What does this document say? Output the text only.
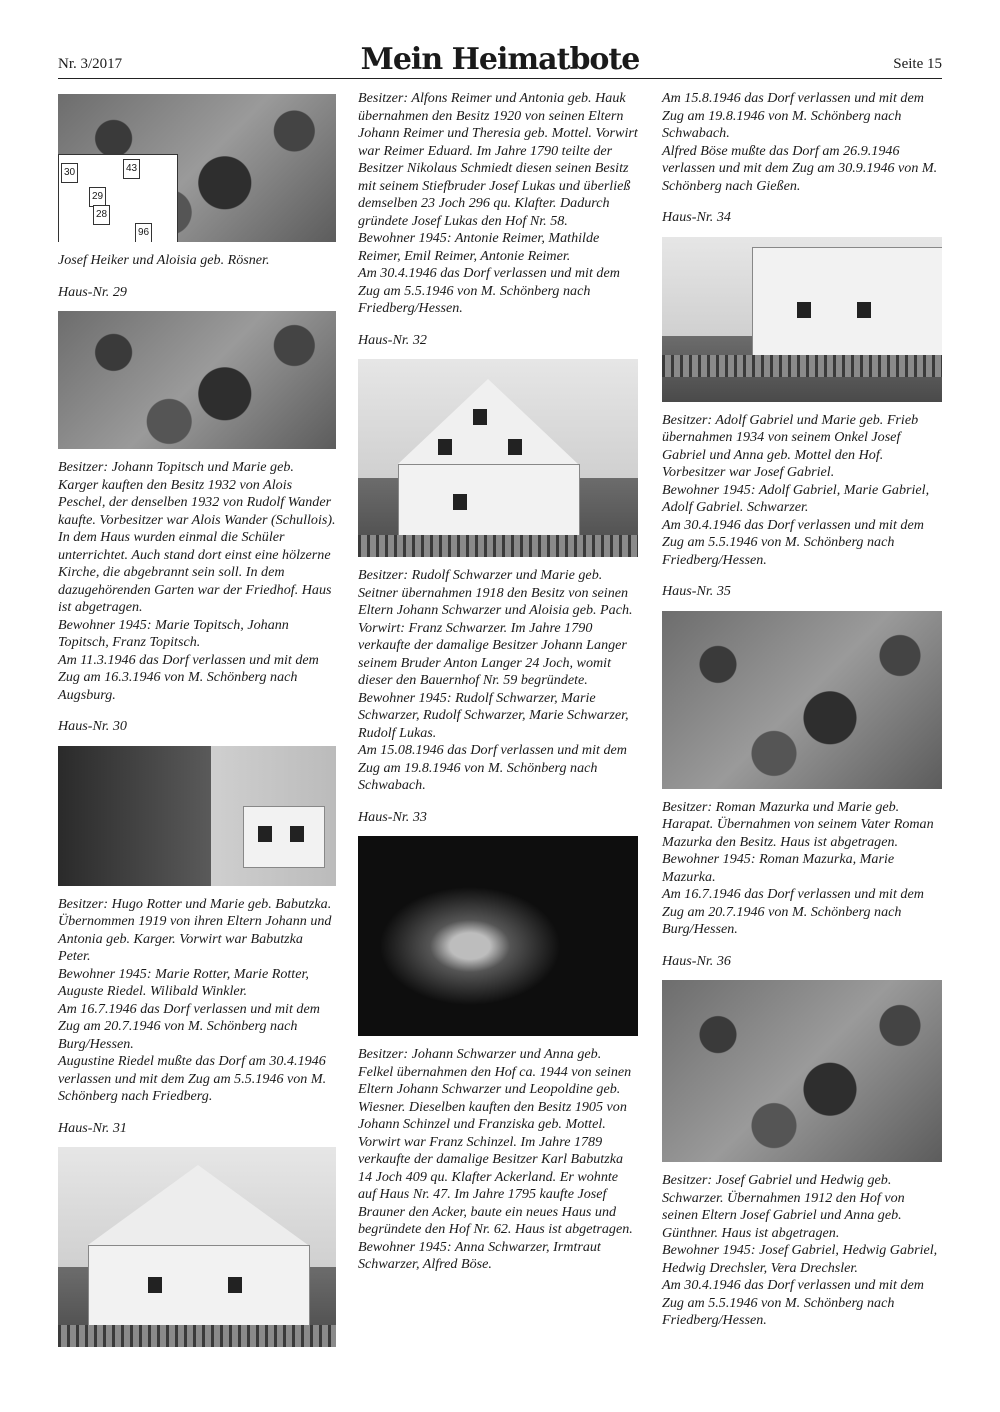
Nr. 3/2017	Mein Heimatbote	Seite 15
30	43
29
28
96

Josef Heiker und Aloisia geb. Rösner.

Haus-Nr. 29

Besitzer: Johann Topitsch und Marie geb. Karger kauften den Besitz 1932 von Alois Peschel, der denselben 1932 von Rudolf Wander kaufte. Vorbesitzer war Alois Wander (Schullois). In dem Haus wurden einmal die Schüler unterrichtet. Auch stand dort einst eine hölzerne Kirche, die abgebrannt sein soll. In dem dazugehörenden Garten war der Friedhof. Haus ist abgetragen.

Bewohner 1945: Marie Topitsch, Johann Topitsch, Franz Topitsch.

Am 11.3.1946 das Dorf verlassen und mit dem Zug am 16.3.1946 von M. Schönberg nach Augsburg.

Haus-Nr. 30

Besitzer: Hugo Rotter und Marie geb. Babutzka. Übernommen 1919 von ihren Eltern Johann und Antonia geb. Karger. Vorwirt war Babutzka Peter.

Bewohner 1945: Marie Rotter, Marie Rotter, Auguste Riedel. Wilibald Winkler.

Am 16.7.1946 das Dorf verlassen und mit dem Zug am 20.7.1946 von M. Schönberg nach Burg/Hessen.

Augustine Riedel mußte das Dorf am 30.4.1946 verlassen und mit dem Zug am 5.5.1946 von M. Schönberg nach Friedberg.

Haus-Nr. 31

Besitzer: Alfons Reimer und Antonia geb. Hauk übernahmen den Besitz 1920 von seinen Eltern Johann Reimer und Theresia geb. Mottel. Vorwirt war Reimer Eduard. Im Jahre 1790 teilte der Besitzer Nikolaus Schmiedt diesen seinen Besitz mit seinem Stiefbruder Josef Lukas und überließ demselben 23 Joch 296 qu. Klafter. Dadurch gründete Josef Lukas den Hof Nr. 58.

Bewohner 1945: Antonie Reimer, Mathilde Reimer, Emil Reimer, Antonie Reimer.

Am 30.4.1946 das Dorf verlassen und mit dem Zug am 5.5.1946 von M. Schönberg nach Friedberg/Hessen.

Haus-Nr. 32

Besitzer: Rudolf Schwarzer und Marie geb. Seitner übernahmen 1918 den Besitz von seinen Eltern Johann Schwarzer und Aloisia geb. Pach. Vorwirt: Franz Schwarzer. Im Jahre 1790 verkaufte der damalige Besitzer Johann Langer seinem Bruder Anton Langer 24 Joch, womit dieser den Bauernhof Nr. 59 begründete.

Bewohner 1945: Rudolf Schwarzer, Marie Schwarzer, Rudolf Schwarzer, Marie Schwarzer, Rudolf Lukas.

Am 15.08.1946 das Dorf verlassen und mit dem Zug am 19.8.1946 von M. Schönberg nach Schwabach.

Haus-Nr. 33

Besitzer: Johann Schwarzer und Anna geb. Felkel übernahmen den Hof ca. 1944 von seinen Eltern Johann Schwarzer und Leopoldine geb. Wiesner. Dieselben kauften den Besitz 1905 von Johann Schinzel und Franziska geb. Mottel. Vorwirt war Franz Schinzel. Im Jahre 1789 verkaufte der damalige Besitzer Karl Babutzka 14 Joch 409 qu. Klafter Ackerland. Er wohnte auf Haus Nr. 47. Im Jahre 1795 kaufte Josef Brauner den Acker, baute ein neues Haus und begründete den Hof Nr. 62. Haus ist abgetragen.

Bewohner 1945: Anna Schwarzer, Irmtraut Schwarzer, Alfred Böse.

Am 15.8.1946 das Dorf verlassen und mit dem Zug am 19.8.1946 von M. Schönberg nach Schwabach.

Alfred Böse mußte das Dorf am 26.9.1946 verlassen und mit dem Zug am 30.9.1946 von M. Schönberg nach Gießen.

Haus-Nr. 34

Besitzer: Adolf Gabriel und Marie geb. Frieb übernahmen 1934 von seinem Onkel Josef Gabriel und Anna geb. Mottel den Hof. Vorbesitzer war Josef Gabriel.

Bewohner 1945: Adolf Gabriel, Marie Gabriel, Adolf Gabriel. Schwarzer.

Am 30.4.1946 das Dorf verlassen und mit dem Zug am 5.5.1946 von M. Schönberg nach Friedberg/Hessen.

Haus-Nr. 35

Besitzer: Roman Mazurka und Marie geb. Harapat. Übernahmen von seinem Vater Roman Mazurka den Besitz. Haus ist abgetragen.

Bewohner 1945: Roman Mazurka, Marie Mazurka.

Am 16.7.1946 das Dorf verlassen und mit dem Zug am 20.7.1946 von M. Schönberg nach Burg/Hessen.

Haus-Nr. 36

Besitzer: Josef Gabriel und Hedwig geb. Schwarzer. Übernahmen 1912 den Hof von seinen Eltern Josef Gabriel und Anna geb. Günthner. Haus ist abgetragen.

Bewohner 1945: Josef Gabriel, Hedwig Gabriel, Hedwig Drechsler, Vera Drechsler.

Am 30.4.1946 das Dorf verlassen und mit dem Zug am 5.5.1946 von M. Schönberg nach Friedberg/Hessen.
